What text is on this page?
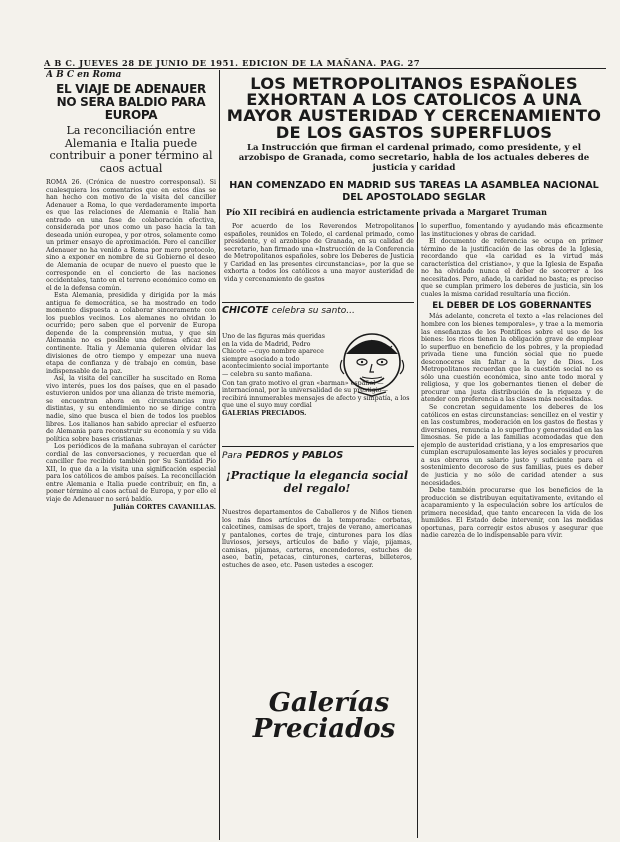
A B C. JUEVES 28 DE JUNIO DE 1951. EDICION DE LA MAÑANA. PAG. 27
A B C en Roma
EL VIAJE DE ADENAUER NO SERA BALDIO PARA EUROPA
La reconciliación entre Alemania e Italia puede contribuir a poner término al caos actual

ROMA 26. (Crónica de nuestro corresponsal). Si cualesquiera los comentarios que en estos días se han hecho con motivo de la visita del canciller Adenauer a Roma, lo que verdaderamente importa es que las relaciones de Alemania e Italia han entrado en una fase de colaboración efectiva, considerada por unos como un paso hacia la tan deseada unión europea, y por otros, solamente como un primer ensayo de aproximación. Pero el canciller Adenauer no ha venido a Roma por mero protocolo, sino a exponer en nombre de su Gobierno el deseo de Alemania de ocupar de nuevo el puesto que le corresponde en el concierto de las naciones occidentales, tanto en el terreno económico como en el de la defensa común.

Esta Alemania, presidida y dirigida por la más antigua fe democrática, se ha mostrado en todo momento dispuesta a colaborar sinceramente con los pueblos vecinos. Los alemanes no olvidan lo ocurrido; pero saben que el porvenir de Europa depende de la comprensión mutua, y que sin Alemania no es posible una defensa eficaz del continente. Italia y Alemania quieren olvidar las divisiones de otro tiempo y empezar una nueva etapa de confianza y de trabajo en común, base indispensable de la paz.

Así, la visita del canciller ha suscitado en Roma vivo interés, pues los dos países, que en el pasado estuvieron unidos por una alianza de triste memoria, se encuentran ahora en circunstancias muy distintas, y su entendimiento no se dirige contra nadie, sino que busca el bien de todos los pueblos libres. Los italianos han sabido apreciar el esfuerzo de Alemania para reconstruir su economía y su vida política sobre bases cristianas.

Los periódicos de la mañana subrayan el carácter cordial de las conversaciones, y recuerdan que el canciller fue recibido también por Su Santidad Pío XII, lo que da a la visita una significación especial para los católicos de ambos países. La reconciliación entre Alemania e Italia puede contribuir, en fin, a poner término al caos actual de Europa, y por ello el viaje de Adenauer no será baldío.

Julián CORTES CAVANILLAS.

LOS METROPOLITANOS ESPAÑOLES EXHORTAN A LOS CATOLICOS A UNA MAYOR AUSTERIDAD Y CERCENAMIENTO DE LOS GASTOS SUPERFLUOS
La Instrucción que firman el cardenal primado, como presidente, y el arzobispo de Granada, como secretario, habla de los actuales deberes de justicia y caridad
HAN COMENZADO EN MADRID SUS TAREAS LA ASAMBLEA NACIONAL DEL APOSTOLADO SEGLAR
Pío XII recibirá en audiencia estrictamente privada a Margaret Truman

Por acuerdo de los Reverendos Metropolitanos españoles, reunidos en Toledo, el cardenal primado, como presidente, y el arzobispo de Granada, en su calidad de secretario, han firmado una «Instrucción de la Conferencia de Metropolitanos españoles, sobre los Deberes de Justicia y Caridad en las presentes circunstancias», por la que se exhorta a todos los católicos a una mayor austeridad de vida y cercenamiento de gastos

lo superfluo, fomentando y ayudando más eficazmente las instituciones y obras de caridad.

El documento de referencia se ocupa en primer término de la justificación de las obras de la Iglesia, recordando que «la caridad es la virtud más característica del cristiano», y que la Iglesia de España no ha olvidado nunca el deber de socorrer a los necesitados. Pero, añade, la caridad no basta; es preciso que se cumplan primero los deberes de justicia, sin los cuales la misma caridad resultaría una ficción.

EL DEBER DE LOS GOBERNANTES

Más adelante, concreta el texto a «las relaciones del hombre con los bienes temporales», y trae a la memoria las enseñanzas de los Pontífices sobre el uso de los bienes: los ricos tienen la obligación grave de emplear lo superfluo en beneficio de los pobres, y la propiedad privada tiene una función social que no puede desconocerse sin faltar a la ley de Dios. Los Metropolitanos recuerdan que la cuestión social no es sólo una cuestión económica, sino ante todo moral y religiosa, y que los gobernantes tienen el deber de procurar una justa distribución de la riqueza y de atender con preferencia a las clases más necesitadas.

Se concretan seguidamente los deberes de los católicos en estas circunstancias: sencillez en el vestir y en las costumbres, moderación en los gastos de fiestas y diversiones, renuncia a lo superfluo y generosidad en las limosnas. Se pide a las familias acomodadas que den ejemplo de austeridad cristiana, y a los empresarios que cumplan escrupulosamente las leyes sociales y procuren a sus obreros un salario justo y suficiente para el sostenimiento decoroso de sus familias, pues es deber de justicia y no sólo de caridad atender a sus necesidades.

Debe también procurarse que los beneficios de la producción se distribuyan equitativamente, evitando el acaparamiento y la especulación sobre los artículos de primera necesidad, que tanto encarecen la vida de los humildes. El Estado debe intervenir, con las medidas oportunas, para corregir estos abusos y asegurar que nadie carezca de lo indispensable para vivir.

CHICOTE celebra su santo...
Uno de las figuras más queridas en la vida de Madrid, Pedro Chicote —cuyo nombre aparece siempre asociado a todo acontecimiento social importante— celebra su santo mañana.
Con tan grato motivo el gran «barman» español —internacional, por la universalidad de su prestigio— recibirá innumerables mensajes de afecto y simpatía, a los que une el suyo muy cordial
GALERIAS PRECIADOS.
Para PEDROS y PABLOS
¡Practique la elegancia social del regalo!

Nuestros departamentos de Caballeros y de Niños tienen los más finos artículos de la temporada: corbatas, calcetines, camisas de sport, trajes de verano, americanas y pantalones, cortes de traje, cinturones para los días lluviosos, jerseys, artículos de baño y viaje, pijamas, camisas, pijamas, carteras, encendedores, estuches de aseo, batín, petacas, cinturones, carteras, billeteros, estuches de aseo, etc. Pasen ustedes a escoger.

Galerías
Preciados
